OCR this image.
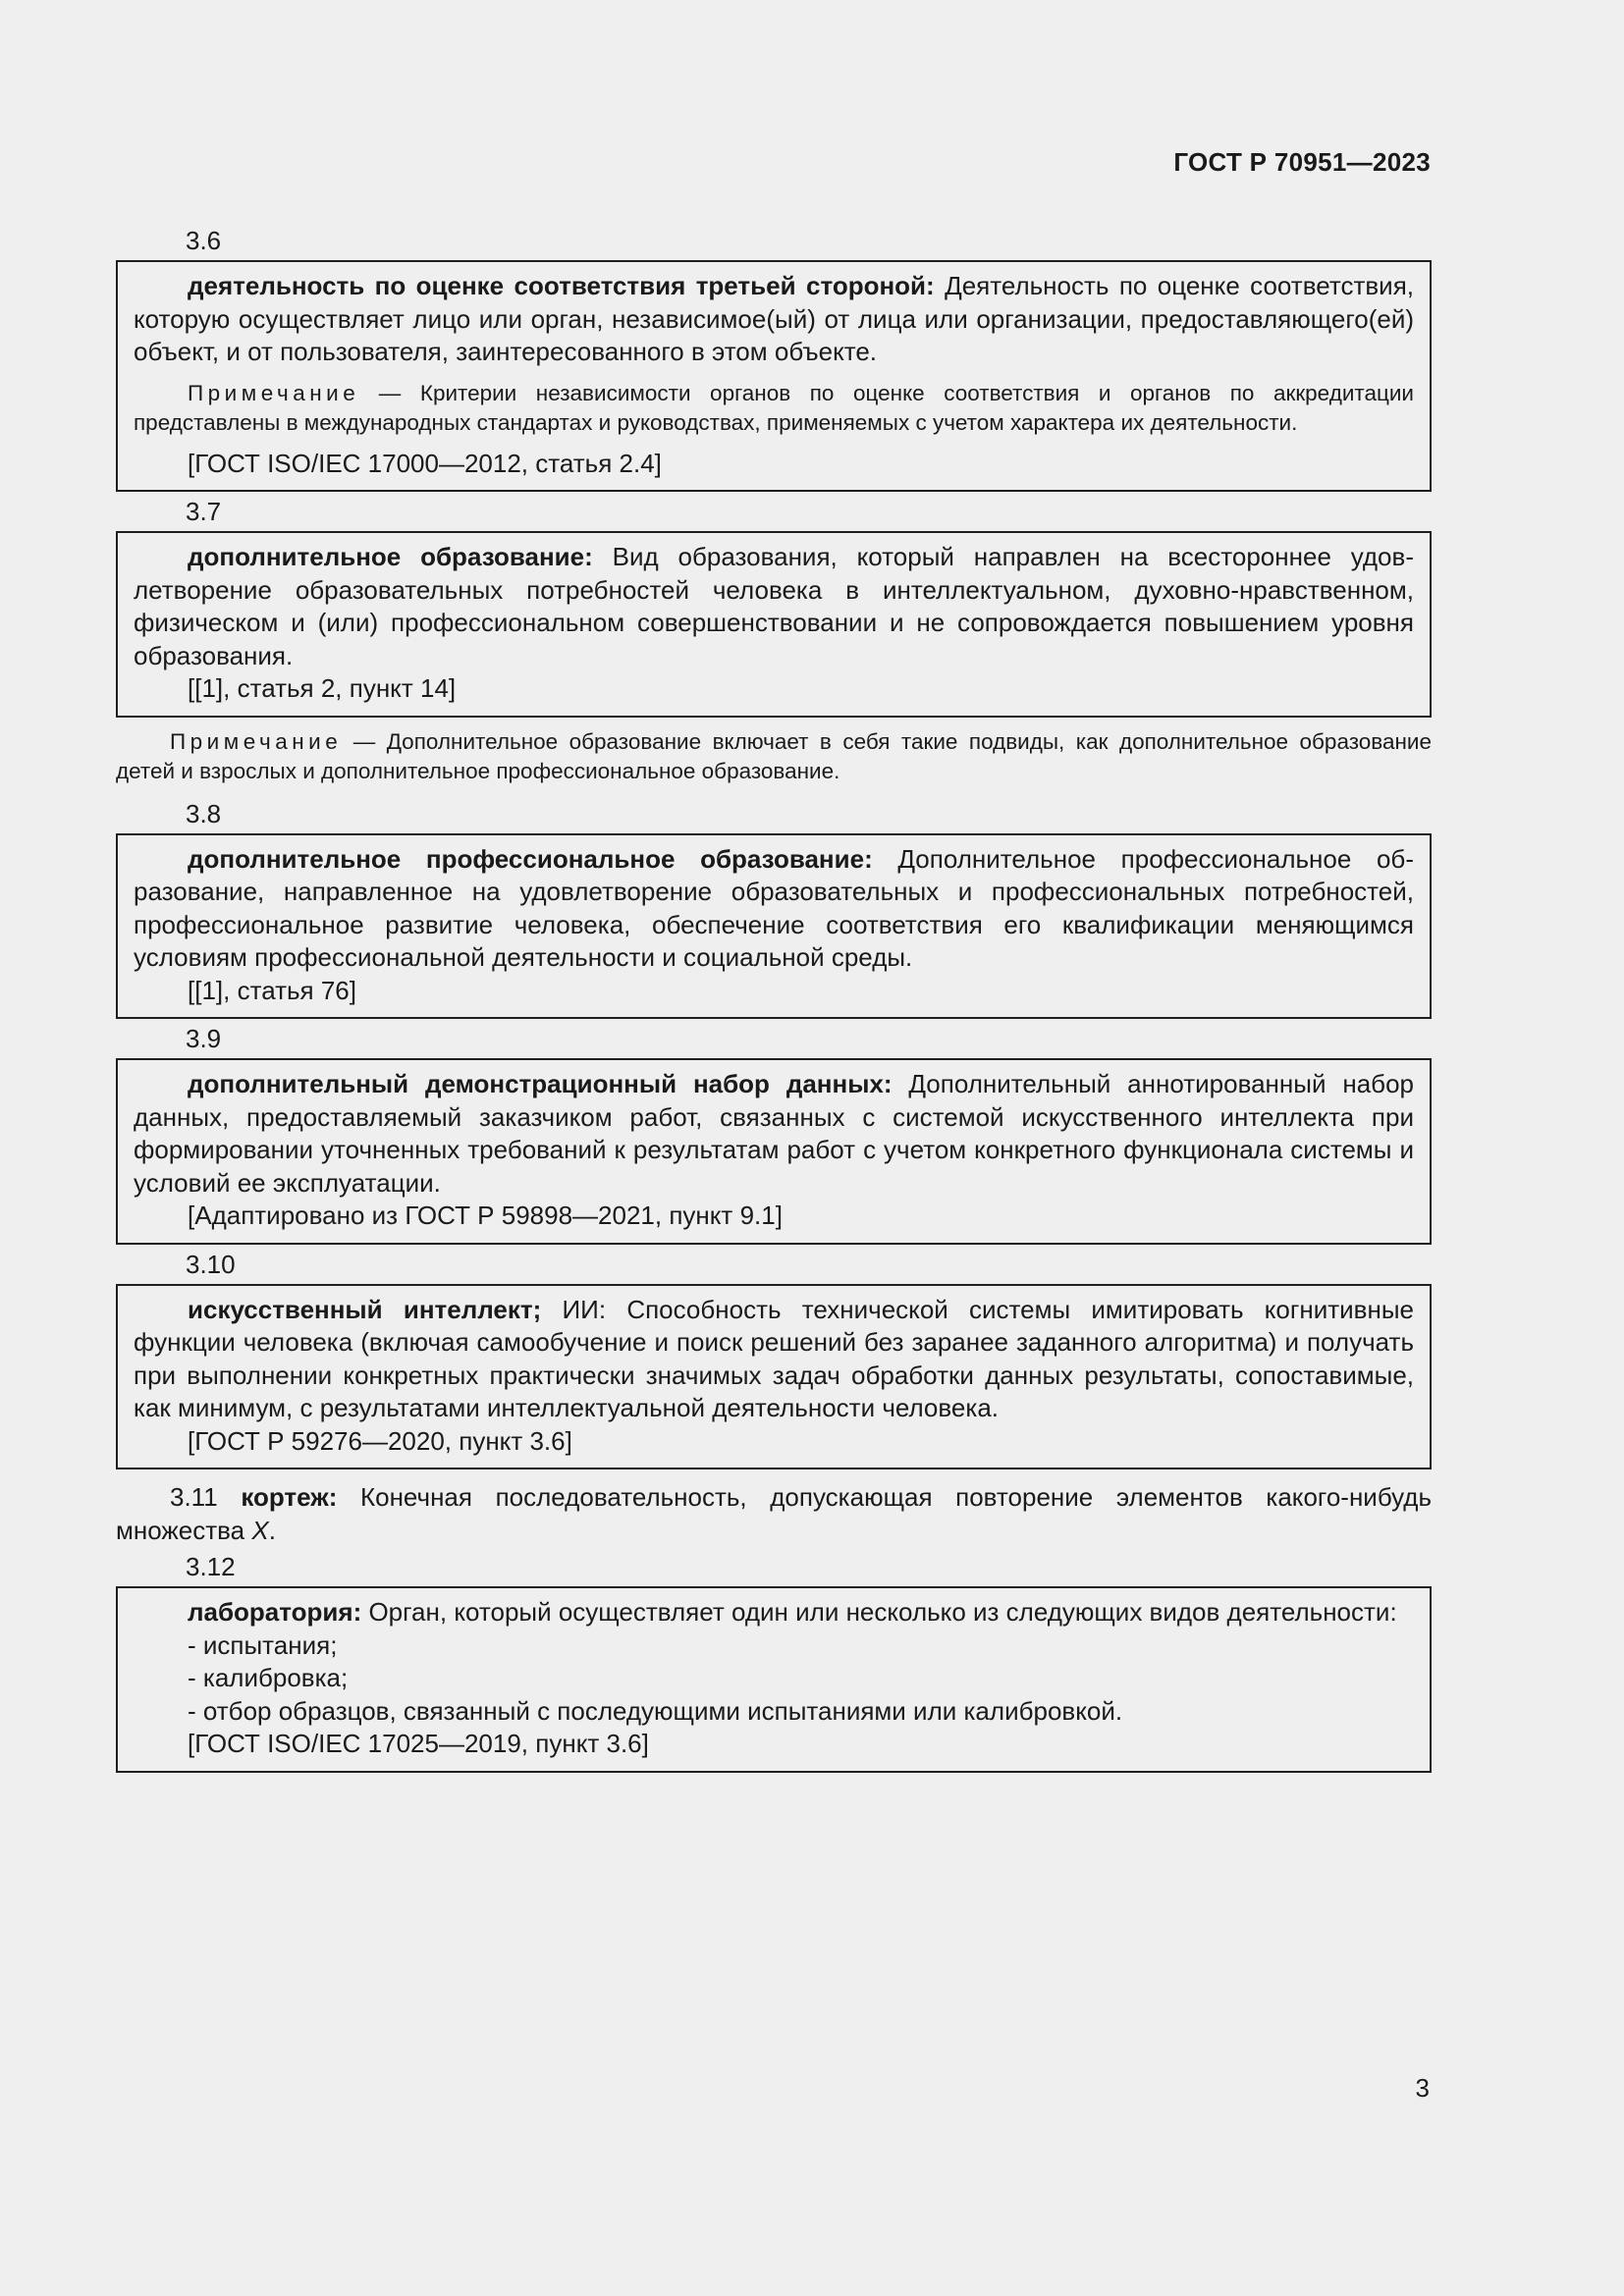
ГОСТ Р 70951—2023
3.6

деятельность по оценке соответствия третьей стороной: Деятельность по оценке соответствия, которую осуществляет лицо или орган, независимое(ый) от лица или организации, предоставляющего(ей) объект, и от пользователя, заинтересованного в этом объекте.

Примечание — Критерии независимости органов по оценке соответствия и органов по аккредитации представлены в международных стандартах и руководствах, применяемых с учетом характера их деятельности.

[ГОСТ ISO/IEC 17000—2012, статья 2.4]

3.7

дополнительное образование: Вид образования, который направлен на всестороннее удовлетворение образовательных потребностей человека в интеллектуальном, духовно-нравственном, физическом и (или) профессиональном совершенствовании и не сопровождается повышением уровня образования.

[[1], статья 2, пункт 14]

Примечание — Дополнительное образование включает в себя такие подвиды, как дополнительное образование детей и взрослых и дополнительное профессиональное образование.
3.8

дополнительное профессиональное образование: Дополнительное профессиональное образование, направленное на удовлетворение образовательных и профессиональных потребностей, профессиональное развитие человека, обеспечение соответствия его квалификации меняющимся условиям профессиональной деятельности и социальной среды.

[[1], статья 76]

3.9

дополнительный демонстрационный набор данных: Дополнительный аннотированный набор данных, предоставляемый заказчиком работ, связанных с системой искусственного интеллекта при формировании уточненных требований к результатам работ с учетом конкретного функционала системы и условий ее эксплуатации.

[Адаптировано из ГОСТ Р 59898—2021, пункт 9.1]

3.10

искусственный интеллект; ИИ: Способность технической системы имитировать когнитивные функции человека (включая самообучение и поиск решений без заранее заданного алгоритма) и получать при выполнении конкретных практически значимых задач обработки данных результаты, сопоставимые, как минимум, с результатами интеллектуальной деятельности человека.

[ГОСТ Р 59276—2020, пункт 3.6]

3.11 кортеж: Конечная последовательность, допускающая повторение элементов какого-нибудь множества X.

3.12

лаборатория: Орган, который осуществляет один или несколько из следующих видов деятельности:

- испытания;

- калибровка;

- отбор образцов, связанный с последующими испытаниями или калибровкой.

[ГОСТ ISO/IEC 17025—2019, пункт 3.6]

3
